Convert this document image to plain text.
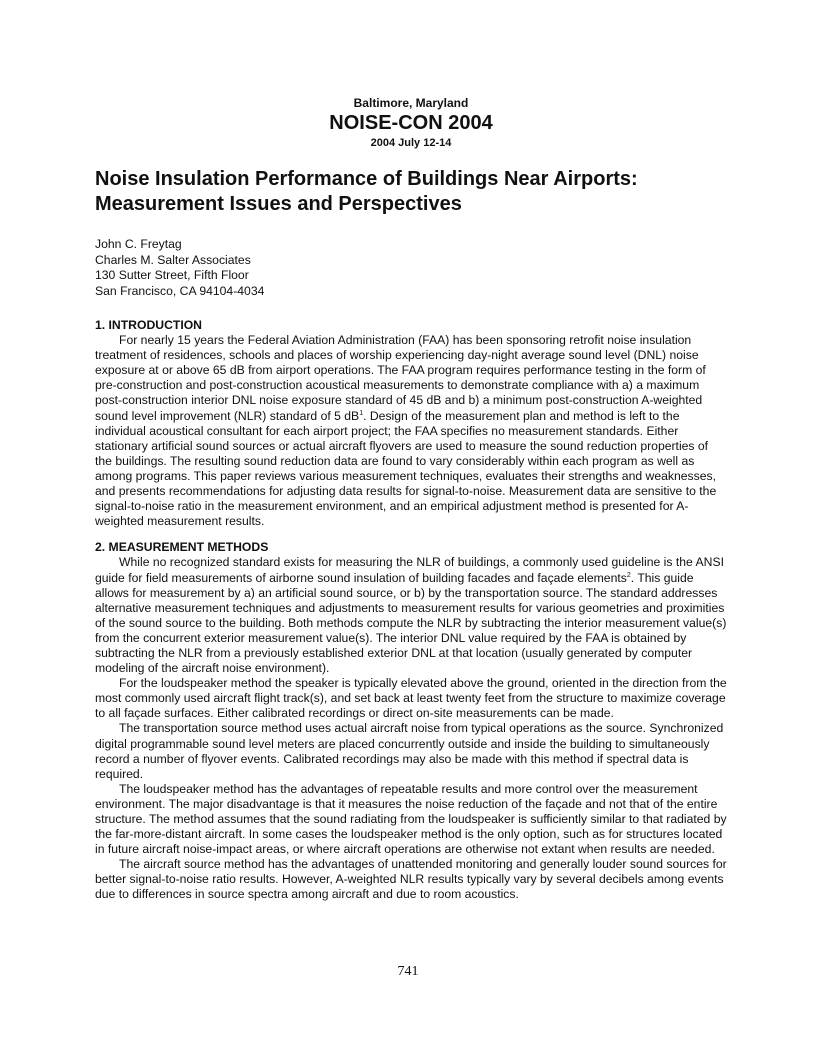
Baltimore, Maryland
NOISE-CON 2004
2004 July 12-14
Noise Insulation Performance of Buildings Near Airports:
Measurement Issues and Perspectives
John C. Freytag
Charles M. Salter Associates
130 Sutter Street, Fifth Floor
San Francisco, CA 94104-4034
1. INTRODUCTION

For nearly 15 years the Federal Aviation Administration (FAA) has been sponsoring retrofit noise insulation treatment of residences, schools and places of worship experiencing day-night average sound level (DNL) noise exposure at or above 65 dB from airport operations. The FAA program requires performance testing in the form of pre-construction and post-construction acoustical measurements to demonstrate compliance with a) a maximum post-construction interior DNL noise exposure standard of 45 dB and b) a minimum post-construction A-weighted sound level improvement (NLR) standard of 5 $dB^1$. Design of the measurement plan and method is left to the individual acoustical consultant for each airport project; the FAA specifies no measurement standards. Either stationary artificial sound sources or actual aircraft flyovers are used to measure the sound reduction properties of the buildings. The resulting sound reduction data are found to vary considerably within each program as well as among programs. This paper reviews various measurement techniques, evaluates their strengths and weaknesses, and presents recommendations for adjusting data results for signal-to-noise. Measurement data are sensitive to the signal-to-noise ratio in the measurement environment, and an empirical adjustment method is presented for A-weighted measurement results.

2. MEASUREMENT METHODS

While no recognized standard exists for measuring the NLR of buildings, a commonly used guideline is the ANSI guide for field measurements of airborne sound insulation of building facades and façade elements$^2$. This guide allows for measurement by a) an artificial sound source, or b) by the transportation source. The standard addresses alternative measurement techniques and adjustments to measurement results for various geometries and proximities of the sound source to the building. Both methods compute the NLR by subtracting the interior measurement value(s) from the concurrent exterior measurement value(s). The interior DNL value required by the FAA is obtained by subtracting the NLR from a previously established exterior DNL at that location (usually generated by computer modeling of the aircraft noise environment).

For the loudspeaker method the speaker is typically elevated above the ground, oriented in the direction from the most commonly used aircraft flight track(s), and set back at least twenty feet from the structure to maximize coverage to all façade surfaces. Either calibrated recordings or direct on-site measurements can be made.

The transportation source method uses actual aircraft noise from typical operations as the source. Synchronized digital programmable sound level meters are placed concurrently outside and inside the building to simultaneously record a number of flyover events. Calibrated recordings may also be made with this method if spectral data is required.

The loudspeaker method has the advantages of repeatable results and more control over the measurement environment. The major disadvantage is that it measures the noise reduction of the façade and not that of the entire structure. The method assumes that the sound radiating from the loudspeaker is sufficiently similar to that radiated by the far-more-distant aircraft. In some cases the loudspeaker method is the only option, such as for structures located in future aircraft noise-impact areas, or where aircraft operations are otherwise not extant when results are needed.

The aircraft source method has the advantages of unattended monitoring and generally louder sound sources for better signal-to-noise ratio results. However, A-weighted NLR results typically vary by several decibels among events due to differences in source spectra among aircraft and due to room acoustics.

741
